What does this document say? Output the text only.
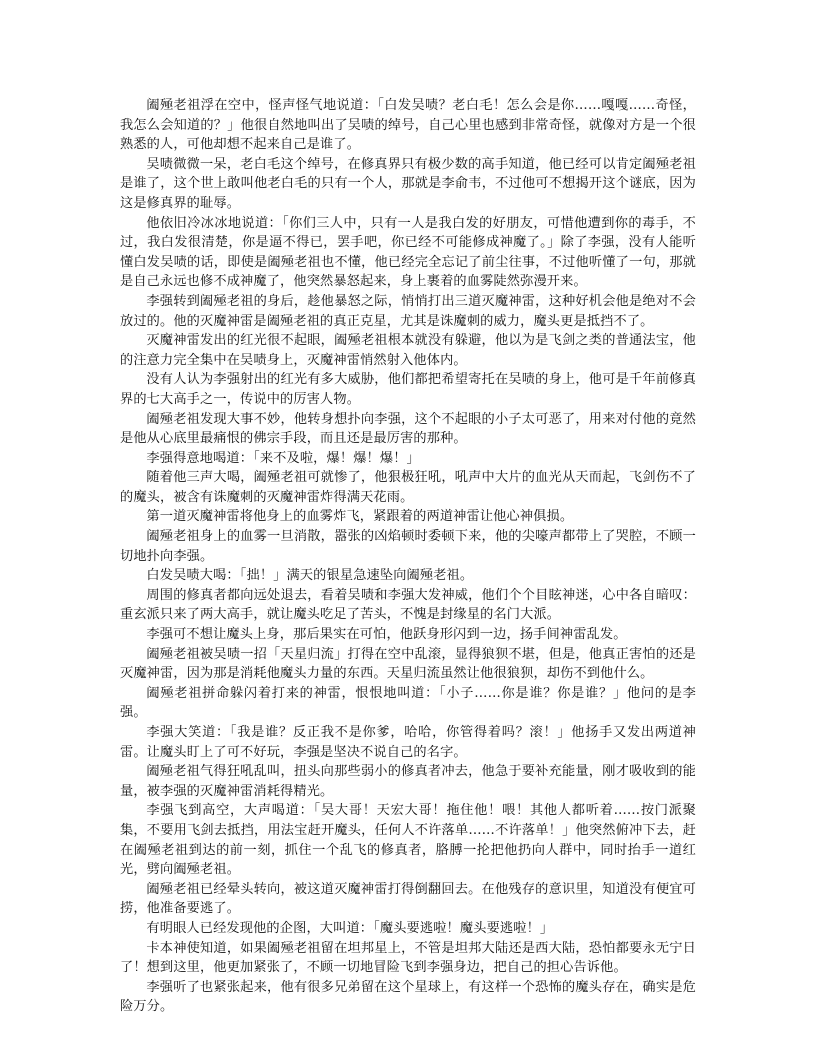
阖殛老祖浮在空中，怪声怪气地说道：「白发吴啧？老白毛！怎么会是你……嘎嘎……奇怪，我怎么会知道的？」他很自然地叫出了吴啧的绰号，自己心里也感到非常奇怪，就像对方是一个很熟悉的人，可他却想不起来自己是谁了。

吴啧微微一呆，老白毛这个绰号，在修真界只有极少数的高手知道，他已经可以肯定阖殛老祖是谁了，这个世上敢叫他老白毛的只有一个人，那就是李俞韦，不过他可不想揭开这个谜底，因为这是修真界的耻辱。

他依旧冷冰冰地说道：「你们三人中，只有一人是我白发的好朋友，可惜他遭到你的毒手，不过，我白发很清楚，你是逼不得已，罢手吧，你已经不可能修成神魔了。」除了李强，没有人能听懂白发吴啧的话，即使是阖殛老祖也不懂，他已经完全忘记了前尘往事，不过他听懂了一句，那就是自己永远也修不成神魔了，他突然暴怒起来，身上裹着的血雾陡然弥漫开来。

李强转到阖殛老祖的身后，趁他暴怒之际，悄悄打出三道灭魔神雷，这种好机会他是绝对不会放过的。他的灭魔神雷是阖殛老祖的真正克星，尤其是诛魔刺的威力，魔头更是抵挡不了。

灭魔神雷发出的红光很不起眼，阖殛老祖根本就没有躲避，他以为是飞剑之类的普通法宝，他的注意力完全集中在吴啧身上，灭魔神雷悄然射入他体内。

没有人认为李强射出的红光有多大威胁，他们都把希望寄托在吴啧的身上，他可是千年前修真界的七大高手之一，传说中的厉害人物。

阖殛老祖发现大事不妙，他转身想扑向李强，这个不起眼的小子太可恶了，用来对付他的竟然是他从心底里最痛恨的佛宗手段，而且还是最厉害的那种。

李强得意地喝道：「来不及啦，爆！爆！爆！」

随着他三声大喝，阖殛老祖可就惨了，他狠极狂吼，吼声中大片的血光从天而起，飞剑伤不了的魔头，被含有诛魔刺的灭魔神雷炸得满天花雨。

第一道灭魔神雷将他身上的血雾炸飞，紧跟着的两道神雷让他心神俱损。

阖殛老祖身上的血雾一旦消散，嚣张的凶焰顿时委顿下来，他的尖嚎声都带上了哭腔，不顾一切地扑向李强。

白发吴啧大喝：「拙！」满天的银星急速坠向阖殛老祖。

周围的修真者都向远处退去，看着吴啧和李强大发神威，他们个个目眩神迷，心中各自暗叹：重玄派只来了两大高手，就让魔头吃足了苦头，不愧是封缘星的名门大派。

李强可不想让魔头上身，那后果实在可怕，他跃身形闪到一边，扬手间神雷乱发。

阖殛老祖被吴啧一招「天星归流」打得在空中乱滚，显得狼狈不堪，但是，他真正害怕的还是灭魔神雷，因为那是消耗他魔头力量的东西。天星归流虽然让他很狼狈，却伤不到他什么。

阖殛老祖拼命躲闪着打来的神雷，恨恨地叫道：「小子……你是谁？你是谁？」他问的是李强。

李强大笑道：「我是谁？反正我不是你爹，哈哈，你管得着吗？滚！」他扬手又发出两道神雷。让魔头盯上了可不好玩，李强是坚决不说自己的名字。

阖殛老祖气得狂吼乱叫，扭头向那些弱小的修真者冲去，他急于要补充能量，刚才吸收到的能量，被李强的灭魔神雷消耗得精光。

李强飞到高空，大声喝道：「吴大哥！天宏大哥！拖住他！喂！其他人都听着……按门派聚集，不要用飞剑去抵挡，用法宝赶开魔头，任何人不许落单……不许落单！」他突然俯冲下去，赶在阖殛老祖到达的前一刻，抓住一个乱飞的修真者，胳膊一抡把他扔向人群中，同时抬手一道红光，劈向阖殛老祖。

阖殛老祖已经晕头转向，被这道灭魔神雷打得倒翻回去。在他残存的意识里，知道没有便宜可捞，他准备要逃了。

有明眼人已经发现他的企图，大叫道：「魔头要逃啦！魔头要逃啦！」

卡本神使知道，如果阖殛老祖留在坦邦星上，不管是坦邦大陆还是西大陆，恐怕都要永无宁日了！想到这里，他更加紧张了，不顾一切地冒险飞到李强身边，把自己的担心告诉他。

李强听了也紧张起来，他有很多兄弟留在这个星球上，有这样一个恐怖的魔头存在，确实是危险万分。
